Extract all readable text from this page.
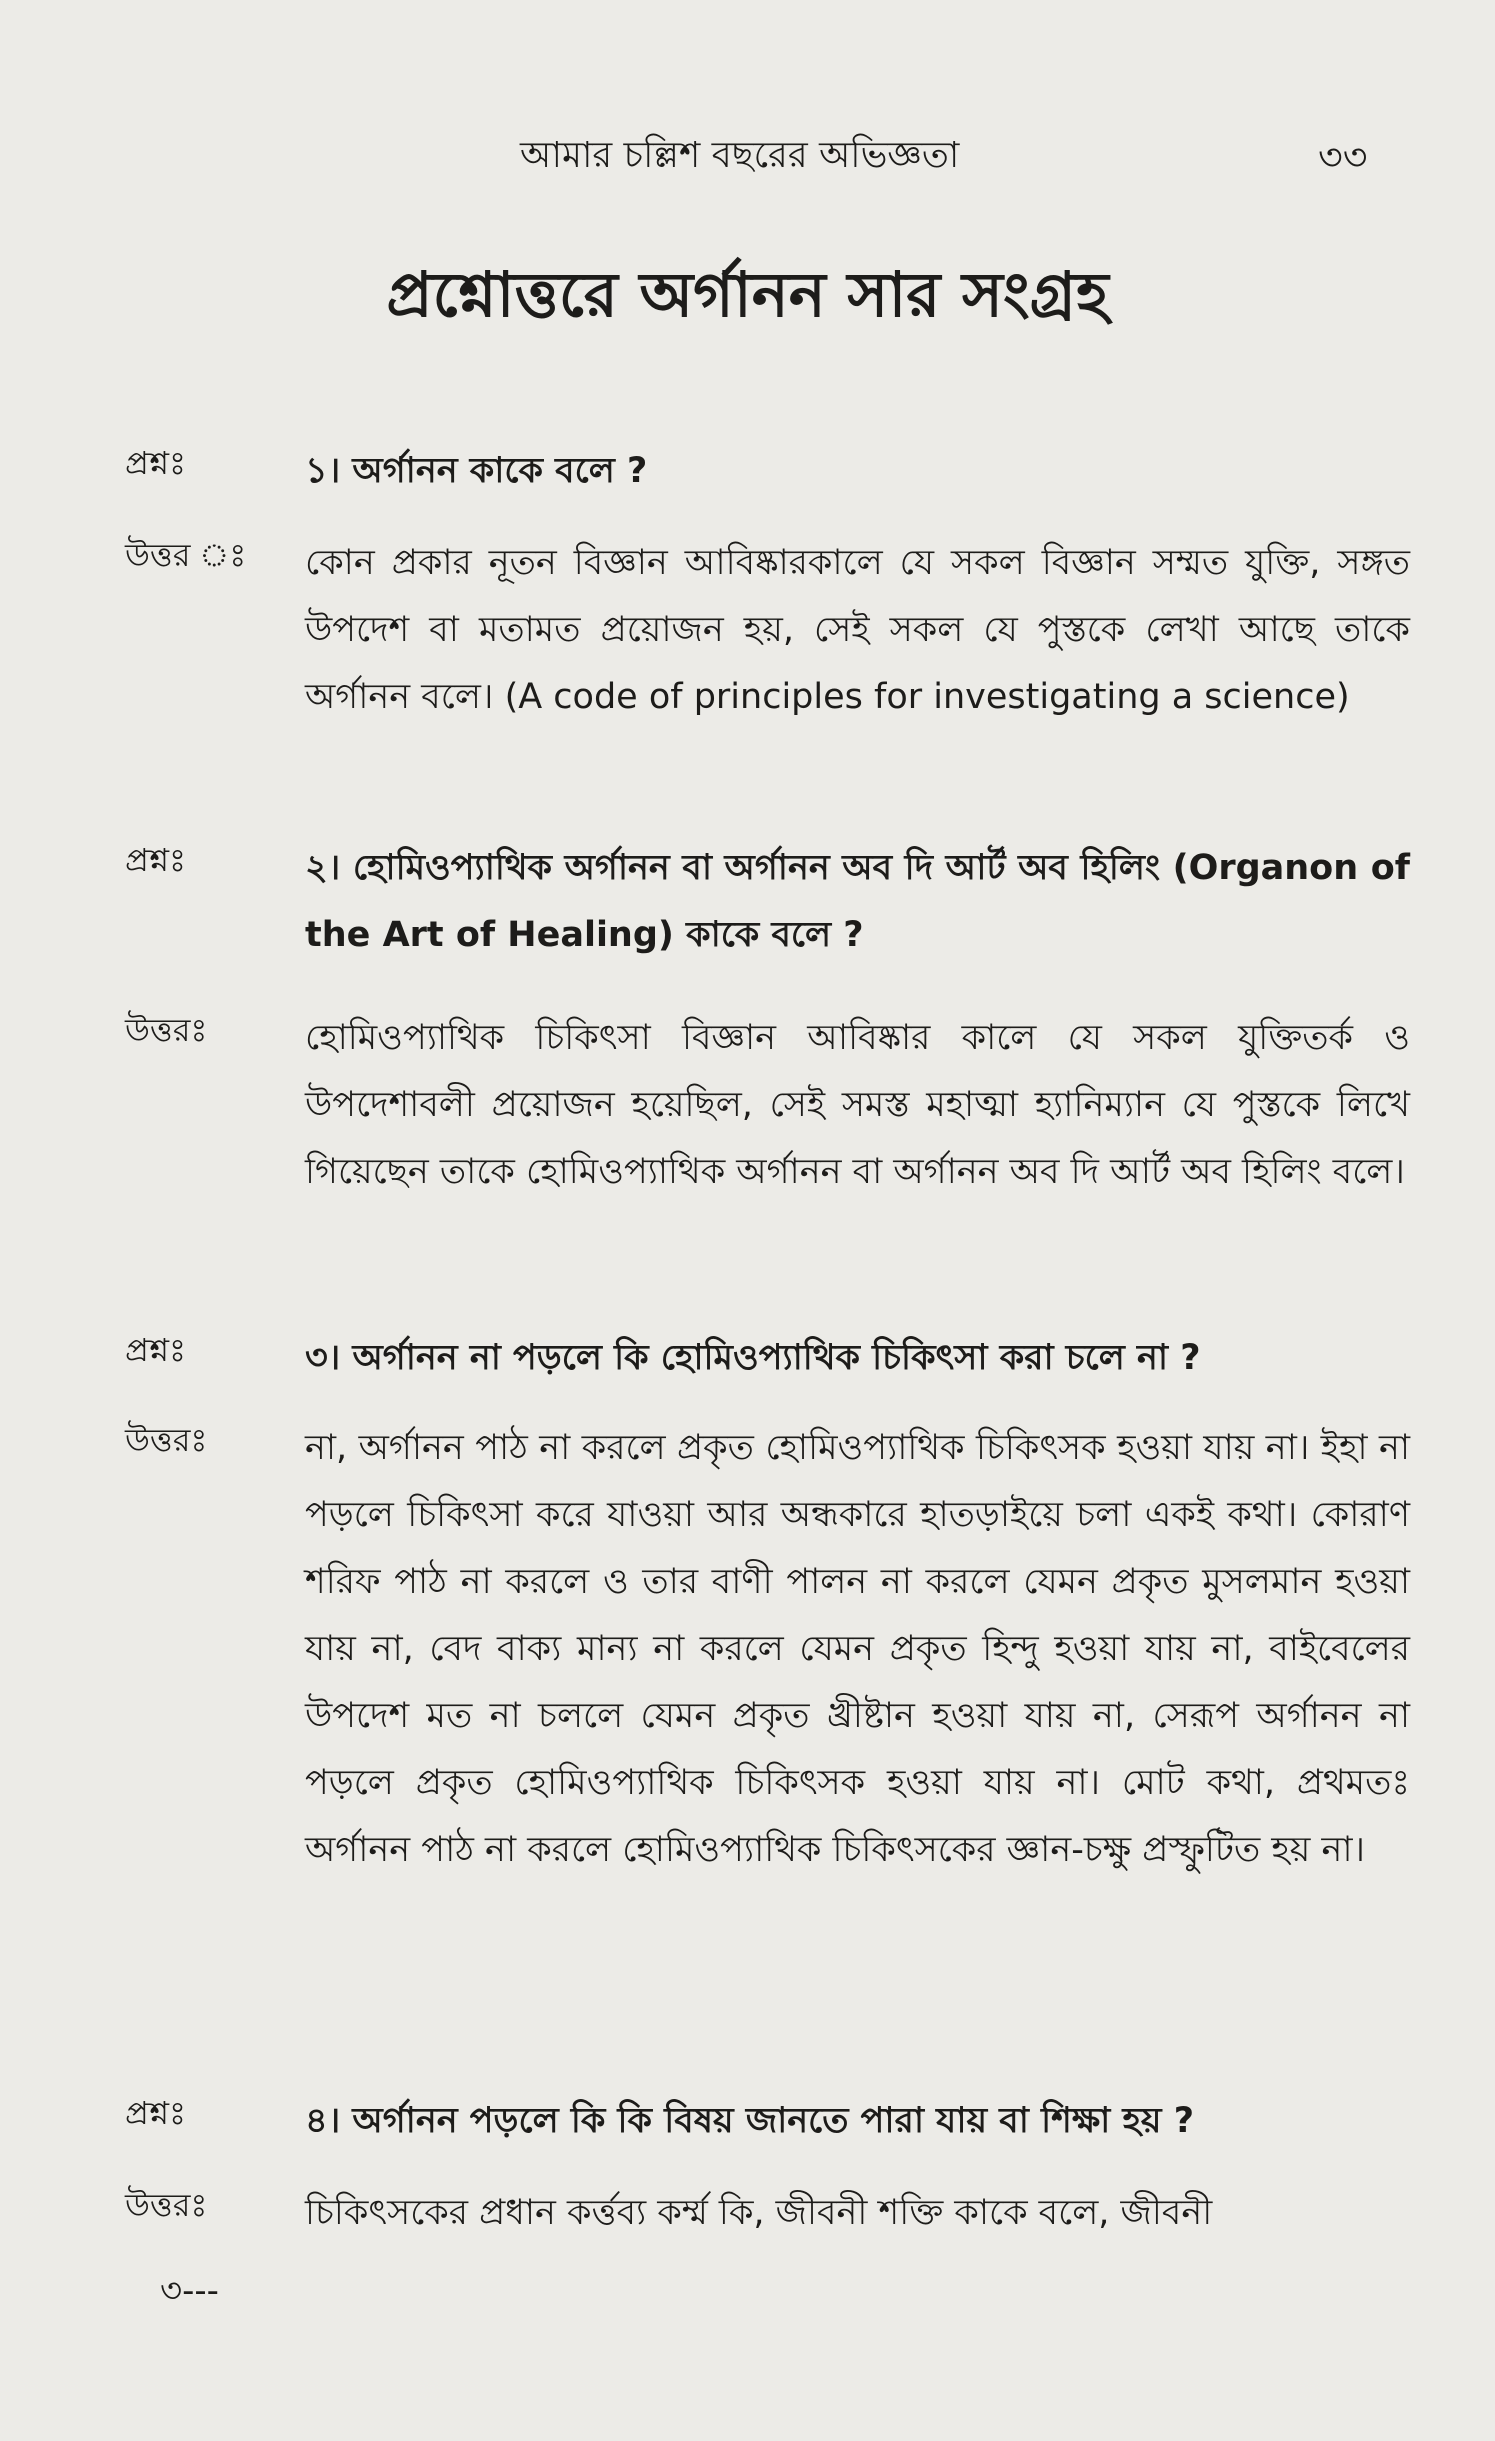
আমার চল্লিশ বছরের অভিজ্ঞতা	৩৩
প্রশ্নোত্তরে অর্গানন সার সংগ্রহ
প্রশ্নঃ	১। অর্গানন কাকে বলে ?
উত্তর ঃ কোন প্রকার নূতন বিজ্ঞান আবিষ্কারকালে যে সকল বিজ্ঞান সম্মত যুক্তি, সঙ্গত উপদেশ বা মতামত প্রয়োজন হয়, সেই সকল যে পুস্তকে লেখা আছে তাকে অর্গানন বলে। (A code of principles for investigating a science)
প্রশ্নঃ	২। হোমিওপ্যাথিক অর্গানন বা অর্গানন অব দি আর্ট অব হিলিং (Organon of the Art of Healing) কাকে বলে ?
উত্তরঃ	হোমিওপ্যাথিক চিকিৎসা বিজ্ঞান আবিষ্কার কালে যে সকল যুক্তিতর্ক ও উপদেশাবলী প্রয়োজন হয়েছিল, সেই সমস্ত মহাত্মা হ্যানিম্যান যে পুস্তকে লিখে গিয়েছেন তাকে হোমিওপ্যাথিক অর্গানন বা অর্গানন অব দি আর্ট অব হিলিং বলে।
প্রশ্নঃ	৩। অর্গানন না পড়লে কি হোমিওপ্যাথিক চিকিৎসা করা চলে না ?
উত্তরঃ	না, অর্গানন পাঠ না করলে প্রকৃত হোমিওপ্যাথিক চিকিৎসক হওয়া যায় না। ইহা না পড়লে চিকিৎসা করে যাওয়া আর অন্ধকারে হাতড়াইয়ে চলা একই কথা। কোরাণ শরিফ পাঠ না করলে ও তার বাণী পালন না করলে যেমন প্রকৃত মুসলমান হওয়া যায় না, বেদ বাক্য মান্য না করলে যেমন প্রকৃত হিন্দু হওয়া যায় না, বাইবেলের উপদেশ মত না চললে যেমন প্রকৃত খ্রীষ্টান হওয়া যায় না, সেরূপ অর্গানন না পড়লে প্রকৃত হোমিওপ্যাথিক চিকিৎসক হওয়া যায় না। মোট কথা, প্রথমতঃ অর্গানন পাঠ না করলে হোমিওপ্যাথিক চিকিৎসকের জ্ঞান-চক্ষু প্রস্ফুটিত হয় না।
প্রশ্নঃ	৪। অর্গানন পড়লে কি কি বিষয় জানতে পারা যায় বা শিক্ষা হয় ?
উত্তরঃ	চিকিৎসকের প্রধান কর্ত্তব্য কর্ম্ম কি, জীবনী শক্তি কাকে বলে, জীবনী
৩---
